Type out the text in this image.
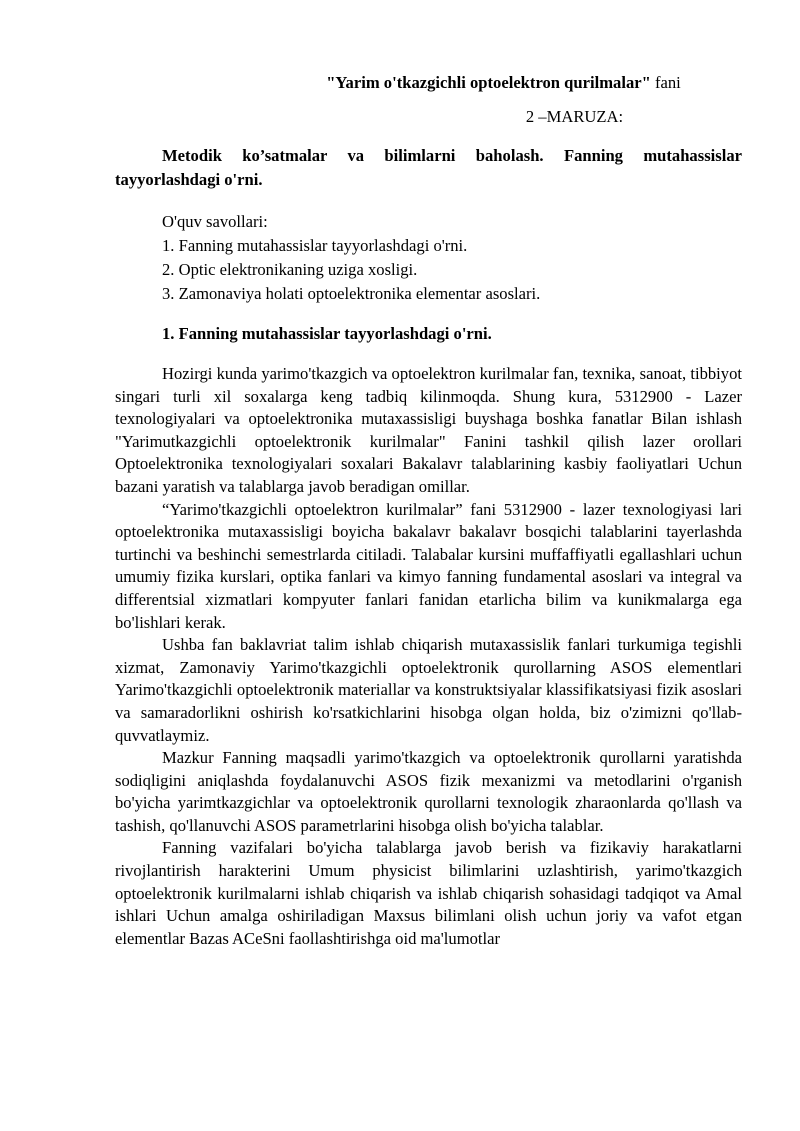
"Yarim o'tkazgichli optoelektron qurilmalar" fani
2 –MARUZA:
Metodik ko’satmalar va bilimlarni baholash. Fanning mutahassislar tayyorlashdagi o'rni.
O'quv savollari:
1. Fanning mutahassislar tayyorlashdagi o'rni.
2. Optic elektronikaning uziga xosligi.
3. Zamonaviya holati optoelektronika elementar asoslari.
1. Fanning mutahassislar tayyorlashdagi o'rni.

Hozirgi kunda yarimo'tkazgich va optoelektron kurilmalar fan, texnika, sanoat, tibbiyot singari turli xil soxalarga keng tadbiq kilinmoqda. Shung kura, 5312900 - Lazer texnologiyalari va optoelektronika mutaxassisligi buyshaga boshka fanatlar Bilan ishlash "Yarimutkazgichli optoelektronik kurilmalar" Fanini tashkil qilish lazer orollari Optoelektronika texnologiyalari soxalari Bakalavr talablarining kasbiy faoliyatlari Uchun bazani yaratish va talablarga javob beradigan omillar.

“Yarimo'tkazgichli optoelektron kurilmalar” fani 5312900 - lazer texnologiyasi lari optoelektronika mutaxassisligi boyicha bakalavr bakalavr bosqichi talablarini tayerlashda turtinchi va beshinchi semestrlarda citiladi. Talabalar kursini muffaffiyatli egallashlari uchun umumiy fizika kurslari, optika fanlari va kimyo fanning fundamental asoslari va integral va differentsial xizmatlari kompyuter fanlari fanidan etarlicha bilim va kunikmalarga ega bo'lishlari kerak.

Ushba fan baklavriat talim ishlab chiqarish mutaxassislik fanlari turkumiga tegishli xizmat, Zamonaviy Yarimo'tkazgichli optoelektronik qurollarning ASOS elementlari Yarimo'tkazgichli optoelektronik materiallar va konstruktsiyalar klassifikatsiyasi fizik asoslari va samaradorlikni oshirish ko'rsatkichlarini hisobga olgan holda, biz o'zimizni qo'llab-quvvatlaymiz.

Mazkur Fanning maqsadli yarimo'tkazgich va optoelektronik qurollarni yaratishda sodiqligini aniqlashda foydalanuvchi ASOS fizik mexanizmi va metodlarini o'rganish bo'yicha yarimtkazgichlar va optoelektronik qurollarni texnologik zharaonlarda qo'llash va tashish, qo'llanuvchi ASOS parametrlarini hisobga olish bo'yicha talablar.

Fanning vazifalari bo'yicha talablarga javob berish va fizikaviy harakatlarni rivojlantirish harakterini Umum physicist bilimlarini uzlashtirish, yarimo'tkazgich optoelektronik kurilmalarni ishlab chiqarish va ishlab chiqarish sohasidagi tadqiqot va Amal ishlari Uchun amalga oshiriladigan Maxsus bilimlani olish uchun joriy va vafot etgan elementlar Bazas ACeSni faollashtirishga oid ma'lumotlar
